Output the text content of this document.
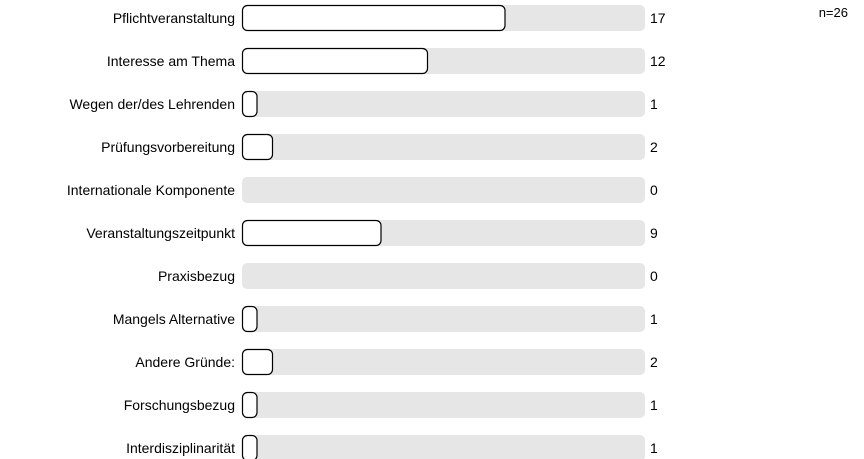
Pflichtveranstaltung	17
Interesse am Thema	12
Wegen der/des Lehrenden	1
Prüfungsvorbereitung	2
Internationale Komponente	0
Veranstaltungszeitpunkt	9
Praxisbezug	0
Mangels Alternative	1
Andere Gründe:	2
Forschungsbezug	1
Interdisziplinarität	1
n=26
